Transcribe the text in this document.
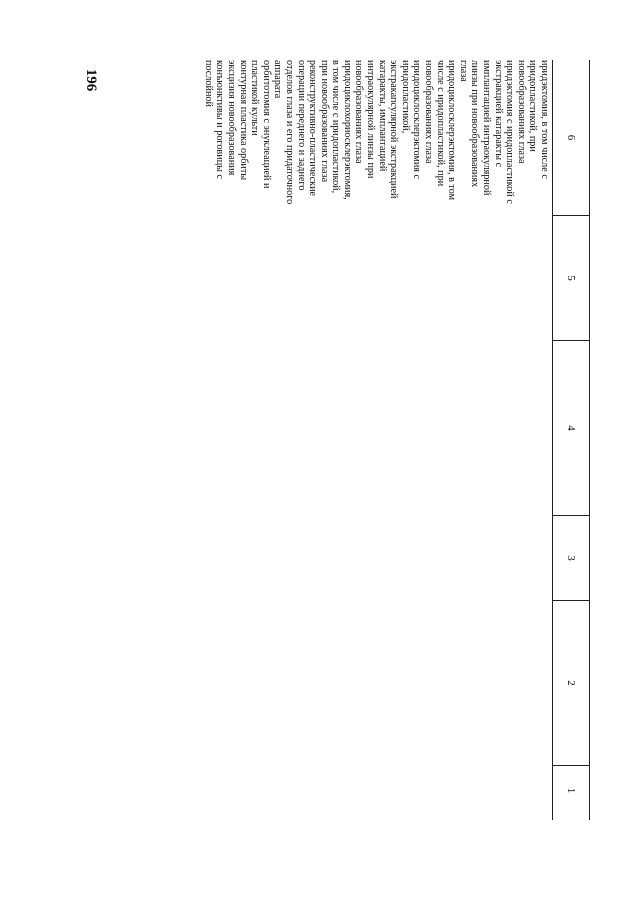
196
6
5
4
3
2
1
иридэктомия, в том числе с
иридопластикой, при
новообразованиях глаза
иридэктомия с иридопластикой с
экстракцией катаракты с
имплантацией интраокулярной
линзы при новообразованиях
глаза
иридоциклосклерэктомия, в том
числе с иридопластикой, при
новообразованиях глаза
иридоциклосклерэктомия с
иридопластикой,
экстракапсулярной экстракцией
катаракты, имплантацией
интраокулярной линзы при
новообразованиях глаза
иридоциклохориосклерэктомия,
в том числе с иридопластикой,
при новообразованиях глаза
реконструктивно-пластические
операции переднего и заднего
отделов глаза и его придаточного
аппарата
орбитотомия с энуклеацией и
пластикой культи
контурная пластика орбиты
эксцизия новообразования
конъюнктивы и роговицы с
послойной
